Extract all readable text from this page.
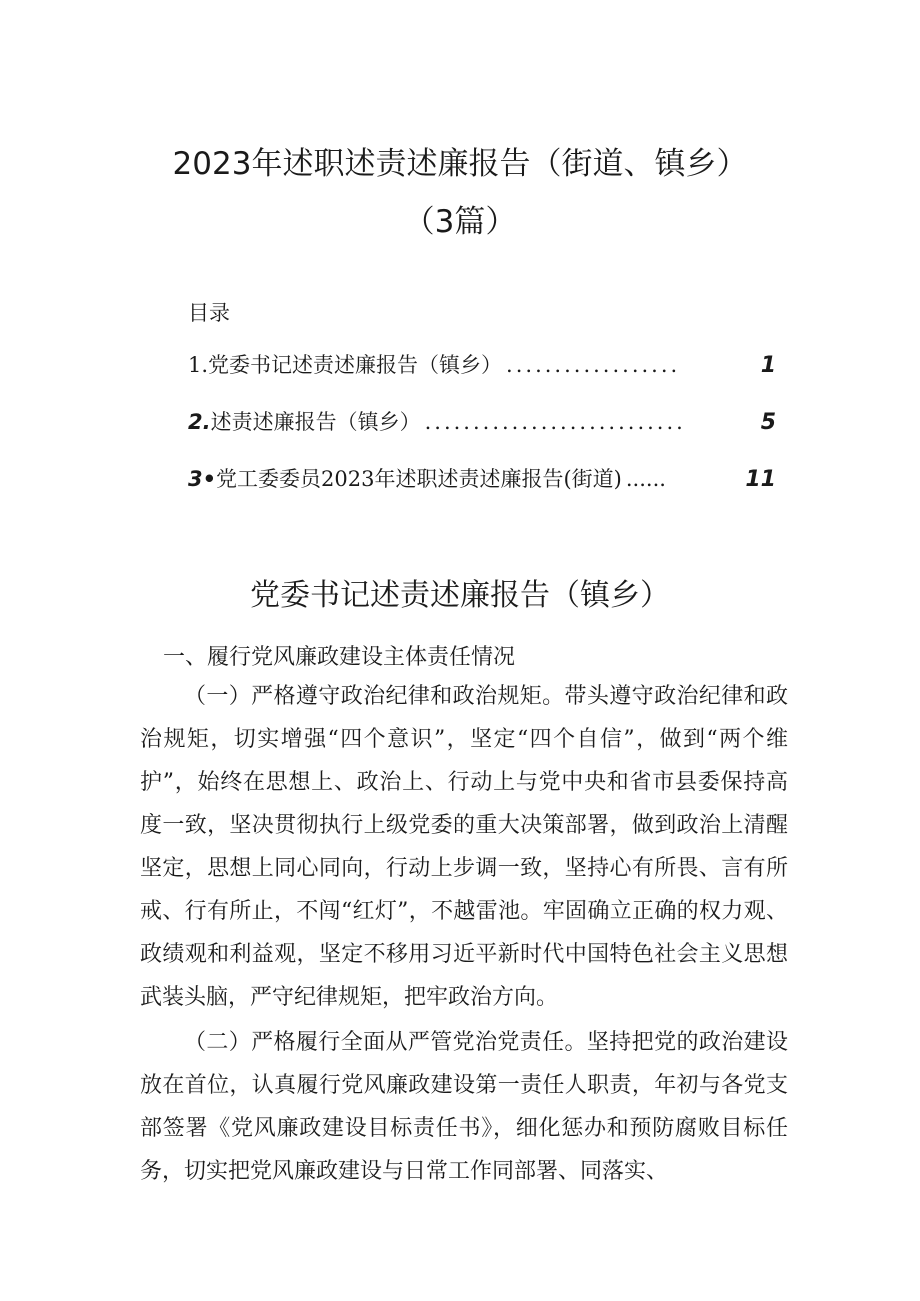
2023年述职述责述廉报告（街道、镇乡）
（3篇）
目录
1.党委书记述责述廉报告（镇乡） ..................	1
2.述责述廉报告（镇乡） ...........................	5
3•党工委委员2023年述职述责述廉报告(街道) ......	11
党委书记述责述廉报告（镇乡）
一、履行党风廉政建设主体责任情况

（一）严格遵守政治纪律和政治规矩。带头遵守政治纪律和政治规矩，切实增强“四个意识”，坚定“四个自信”，做到“两个维护”，始终在思想上、政治上、行动上与党中央和省市县委保持高度一致，坚决贯彻执行上级党委的重大决策部署，做到政治上清醒坚定，思想上同心同向，行动上步调一致，坚持心有所畏、言有所戒、行有所止，不闯“红灯”，不越雷池。牢固确立正确的权力观、政绩观和利益观，坚定不移用习近平新时代中国特色社会主义思想武装头脑，严守纪律规矩，把牢政治方向。

（二）严格履行全面从严管党治党责任。坚持把党的政治建设放在首位，认真履行党风廉政建设第一责任人职责，年初与各党支部签署《党风廉政建设目标责任书》，细化惩办和预防腐败目标任务，切实把党风廉政建设与日常工作同部署、同落实、
